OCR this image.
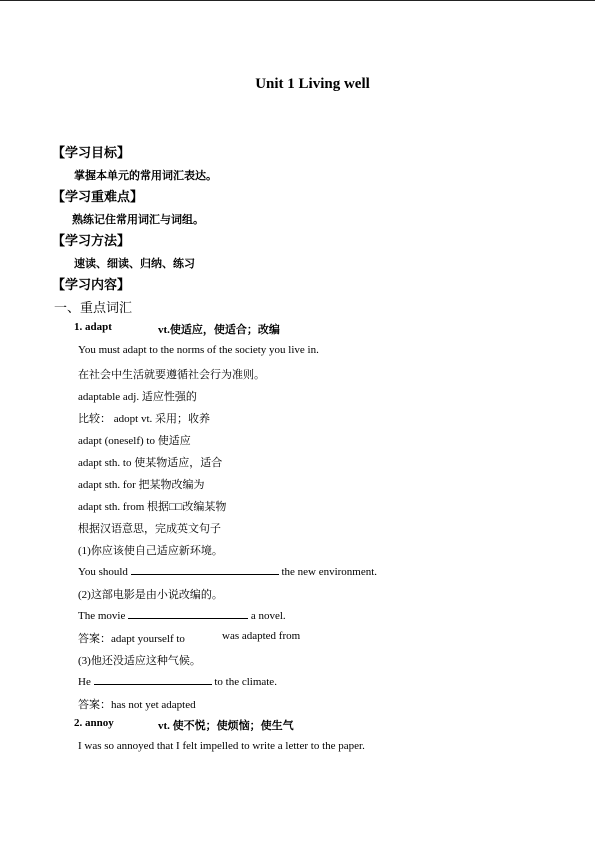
Unit 1 Living well
【学习目标】
掌握本单元的常用词汇表达。
【学习重难点】
熟练记住常用词汇与词组。
【学习方法】
速读、细读、归纳、练习
【学习内容】
一、重点词汇
1. adapt	vt.使适应，使适合；改编
You must adapt to the norms of the society you live in.
在社会中生活就要遵循社会行为准则。
adaptable adj. 适应性强的
比较： adopt vt. 采用；收养
adapt (oneself) to 使适应
adapt sth. to 使某物适应，适合
adapt sth. for 把某物改编为
adapt sth. from 根据□□改编某物
根据汉语意思，完成英文句子
(1)你应该使自己适应新环境。
You should	the new environment.
(2)这部电影是由小说改编的。
The movie	a novel.
答案：adapt yourself to	was adapted from
(3)他还没适应这种气候。
He	to the climate.
答案：has not yet adapted
2. annoy	vt. 使不悦；使烦恼；使生气
I was so annoyed that I felt impelled to write a letter to the paper.
